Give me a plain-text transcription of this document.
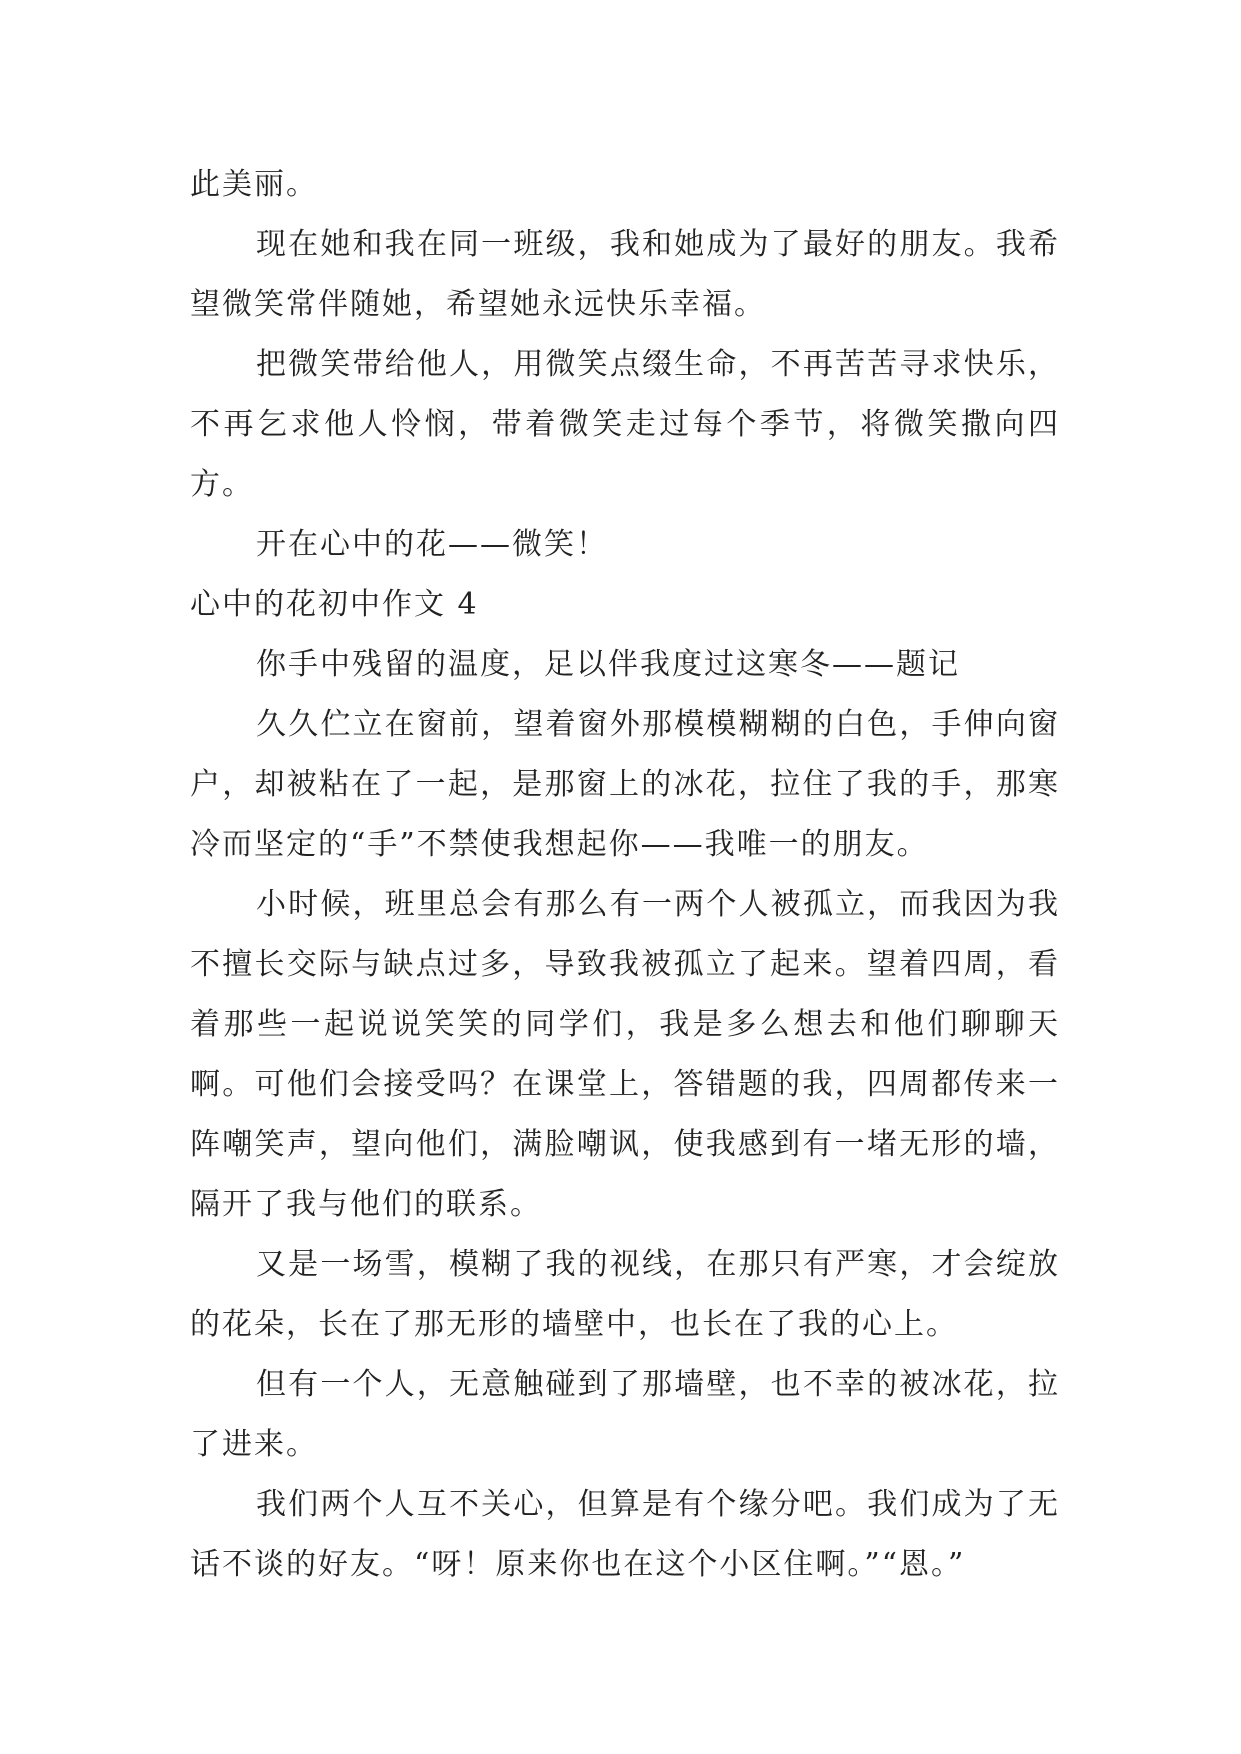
此美丽。

现在她和我在同一班级，我和她成为了最好的朋友。我希望微笑常伴随她，希望她永远快乐幸福。

把微笑带给他人，用微笑点缀生命，不再苦苦寻求快乐，不再乞求他人怜悯，带着微笑走过每个季节，将微笑撒向四方。

开在心中的花——微笑！

心中的花初中作文 4

你手中残留的温度，足以伴我度过这寒冬——题记

久久伫立在窗前，望着窗外那模模糊糊的白色，手伸向窗户，却被粘在了一起，是那窗上的冰花，拉住了我的手，那寒冷而坚定的“手”不禁使我想起你——我唯一的朋友。

小时候，班里总会有那么有一两个人被孤立，而我因为我不擅长交际与缺点过多，导致我被孤立了起来。望着四周，看着那些一起说说笑笑的同学们，我是多么想去和他们聊聊天啊。可他们会接受吗？在课堂上，答错题的我，四周都传来一阵嘲笑声，望向他们，满脸嘲讽，使我感到有一堵无形的墙，隔开了我与他们的联系。

又是一场雪，模糊了我的视线，在那只有严寒，才会绽放的花朵，长在了那无形的墙壁中，也长在了我的心上。

但有一个人，无意触碰到了那墙壁，也不幸的被冰花，拉了进来。

我们两个人互不关心，但算是有个缘分吧。我们成为了无话不谈的好友。“呀！原来你也在这个小区住啊。”“恩。”
